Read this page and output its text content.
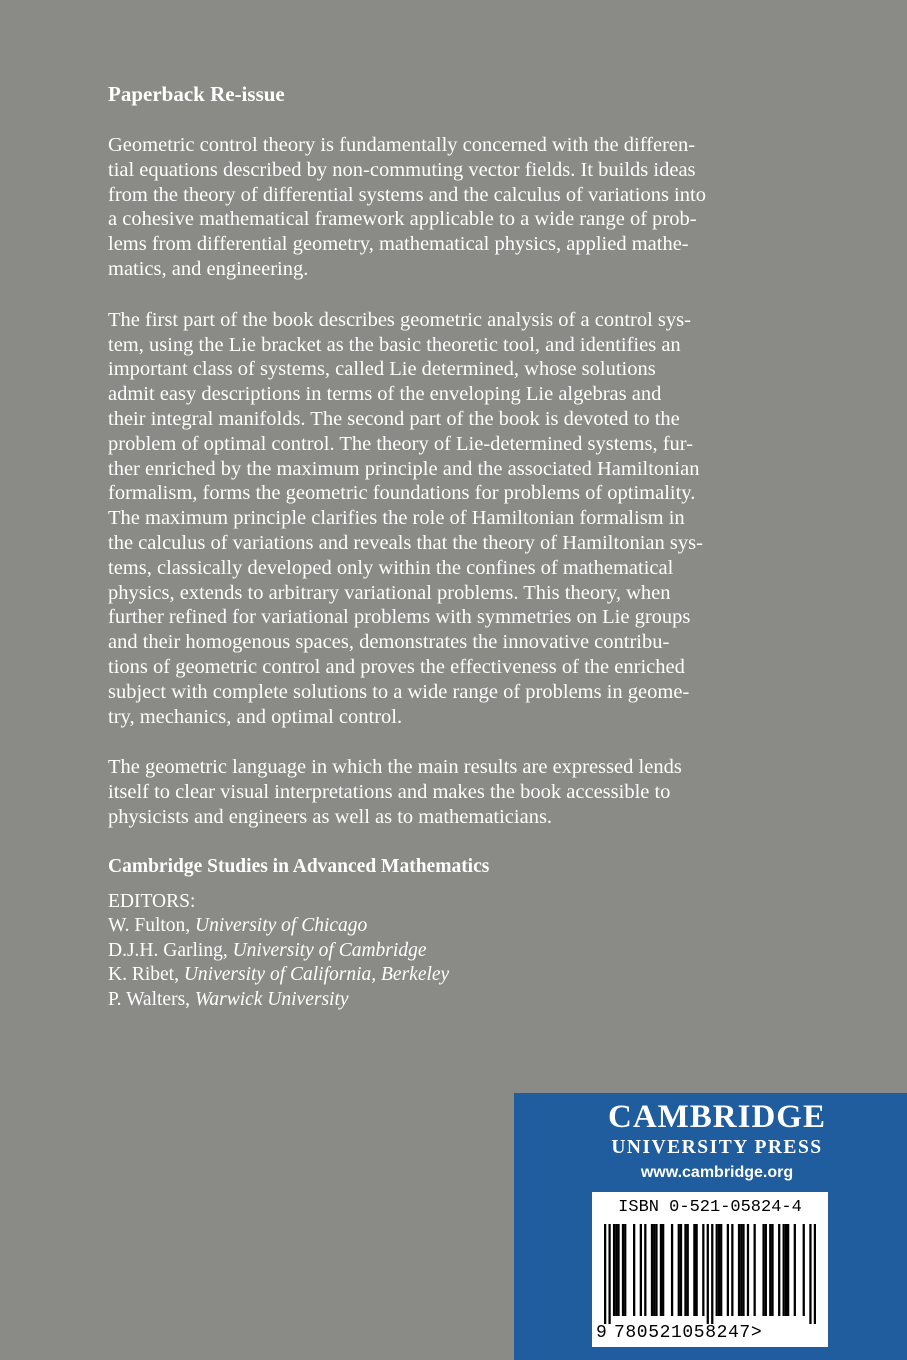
Paperback Re-issue
Geometric control theory is fundamentally concerned with the differen-
tial equations described by non-commuting vector fields. It builds ideas
from the theory of differential systems and the calculus of variations into
a cohesive mathematical framework applicable to a wide range of prob-
lems from differential geometry, mathematical physics, applied mathe-
matics, and engineering.
The first part of the book describes geometric analysis of a control sys-
tem, using the Lie bracket as the basic theoretic tool, and identifies an
important class of systems, called Lie determined, whose solutions
admit easy descriptions in terms of the enveloping Lie algebras and
their integral manifolds. The second part of the book is devoted to the
problem of optimal control. The theory of Lie-determined systems, fur-
ther enriched by the maximum principle and the associated Hamiltonian
formalism, forms the geometric foundations for problems of optimality.
The maximum principle clarifies the role of Hamiltonian formalism in
the calculus of variations and reveals that the theory of Hamiltonian sys-
tems, classically developed only within the confines of mathematical
physics, extends to arbitrary variational problems. This theory, when
further refined for variational problems with symmetries on Lie groups
and their homogenous spaces, demonstrates the innovative contribu-
tions of geometric control and proves the effectiveness of the enriched
subject with complete solutions to a wide range of problems in geome-
try, mechanics, and optimal control.
The geometric language in which the main results are expressed lends
itself to clear visual interpretations and makes the book accessible to
physicists and engineers as well as to mathematicians.
Cambridge Studies in Advanced Mathematics
EDITORS:
W. Fulton, University of Chicago
D.J.H. Garling, University of Cambridge
K. Ribet, University of California, Berkeley
P. Walters, Warwick University
CAMBRIDGE
UNIVERSITY PRESS
www.cambridge.org
ISBN 0-521-05824-4
9 780521058247>
